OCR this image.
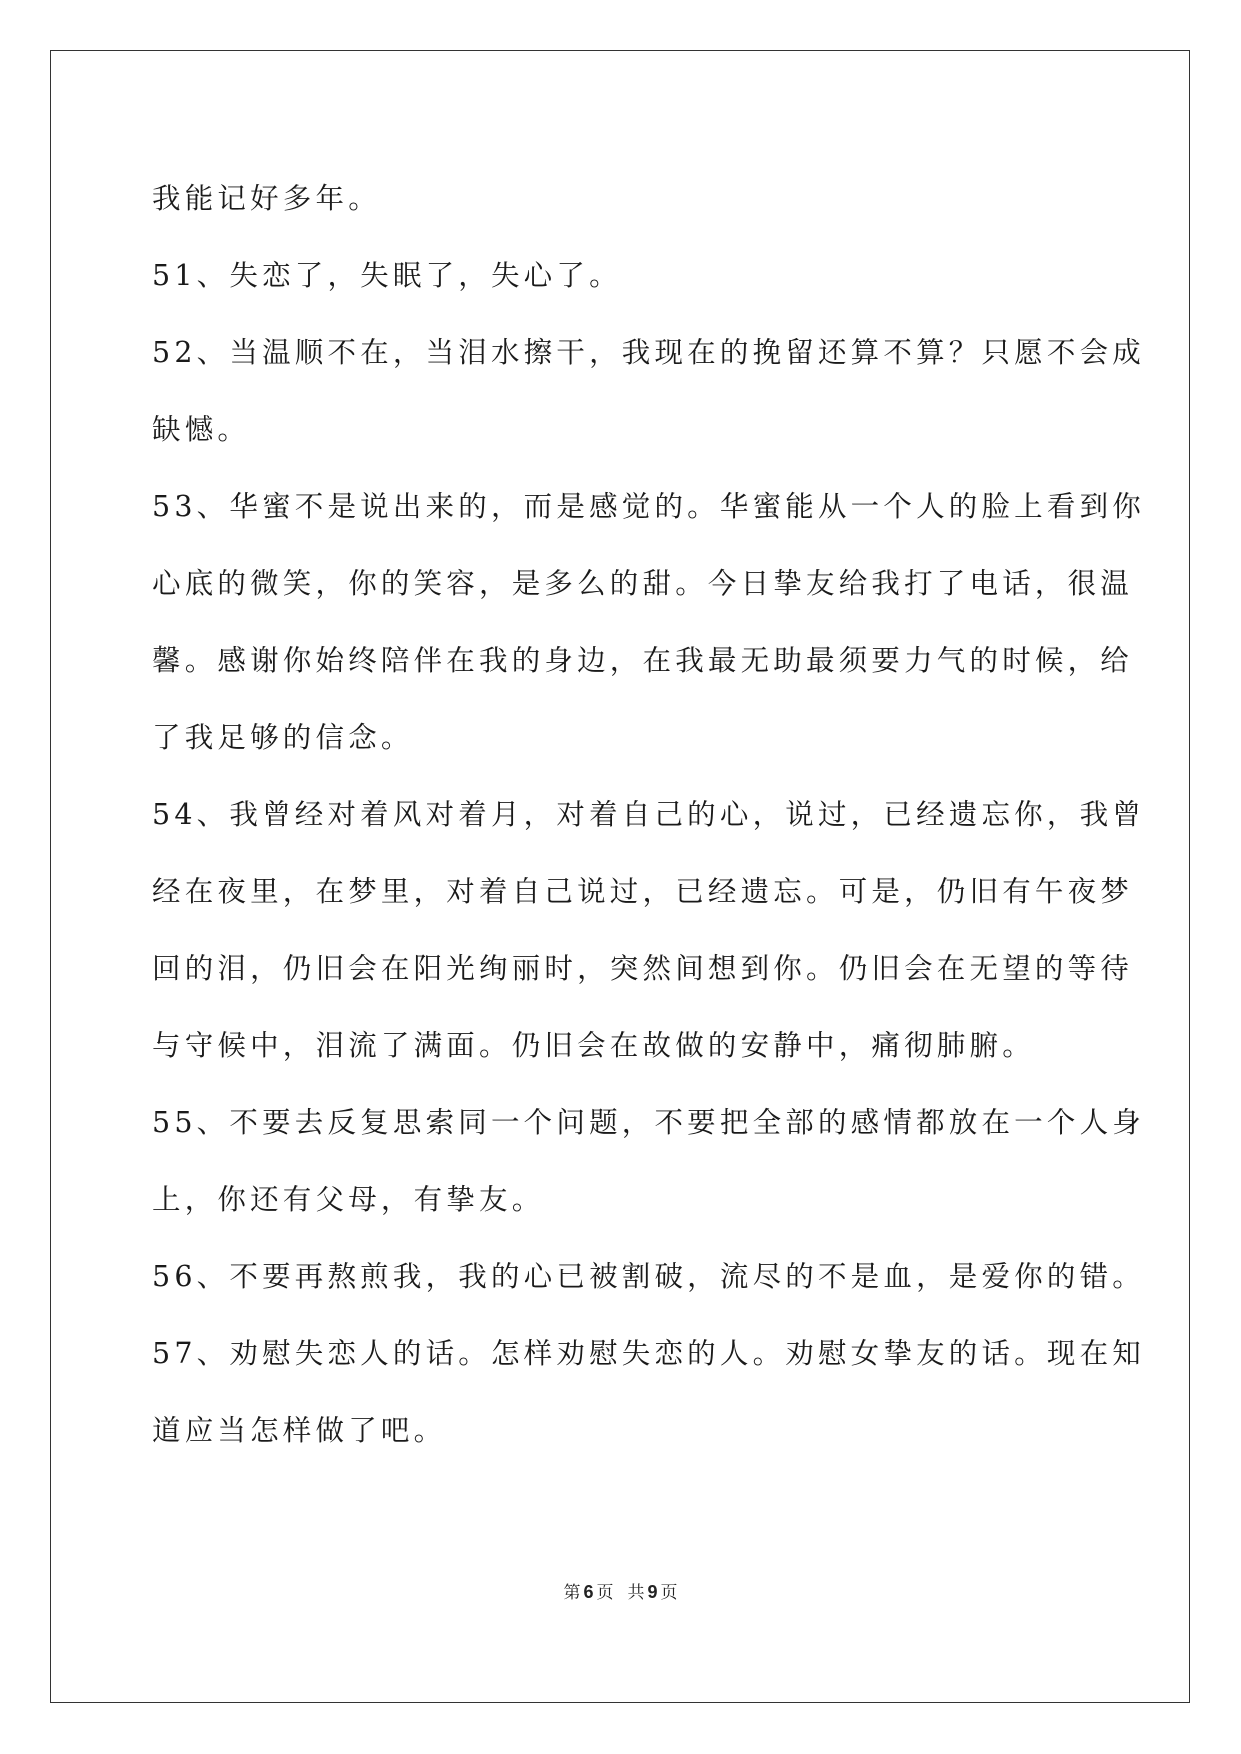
我能记好多年。

51、失恋了，失眠了，失心了。

52、当温顺不在，当泪水擦干，我现在的挽留还算不算？只愿不会成

缺憾。

53、华蜜不是说出来的，而是感觉的。华蜜能从一个人的脸上看到你

心底的微笑，你的笑容，是多么的甜。今日挚友给我打了电话，很温

馨。感谢你始终陪伴在我的身边，在我最无助最须要力气的时候，给

了我足够的信念。

54、我曾经对着风对着月，对着自己的心，说过，已经遗忘你，我曾

经在夜里，在梦里，对着自己说过，已经遗忘。可是，仍旧有午夜梦

回的泪，仍旧会在阳光绚丽时，突然间想到你。仍旧会在无望的等待

与守候中，泪流了满面。仍旧会在故做的安静中，痛彻肺腑。

55、不要去反复思索同一个问题，不要把全部的感情都放在一个人身

上，你还有父母，有挚友。

56、不要再熬煎我，我的心已被割破，流尽的不是血，是爱你的错。

57、劝慰失恋人的话。怎样劝慰失恋的人。劝慰女挚友的话。现在知

道应当怎样做了吧。

第 6 页 共 9 页
